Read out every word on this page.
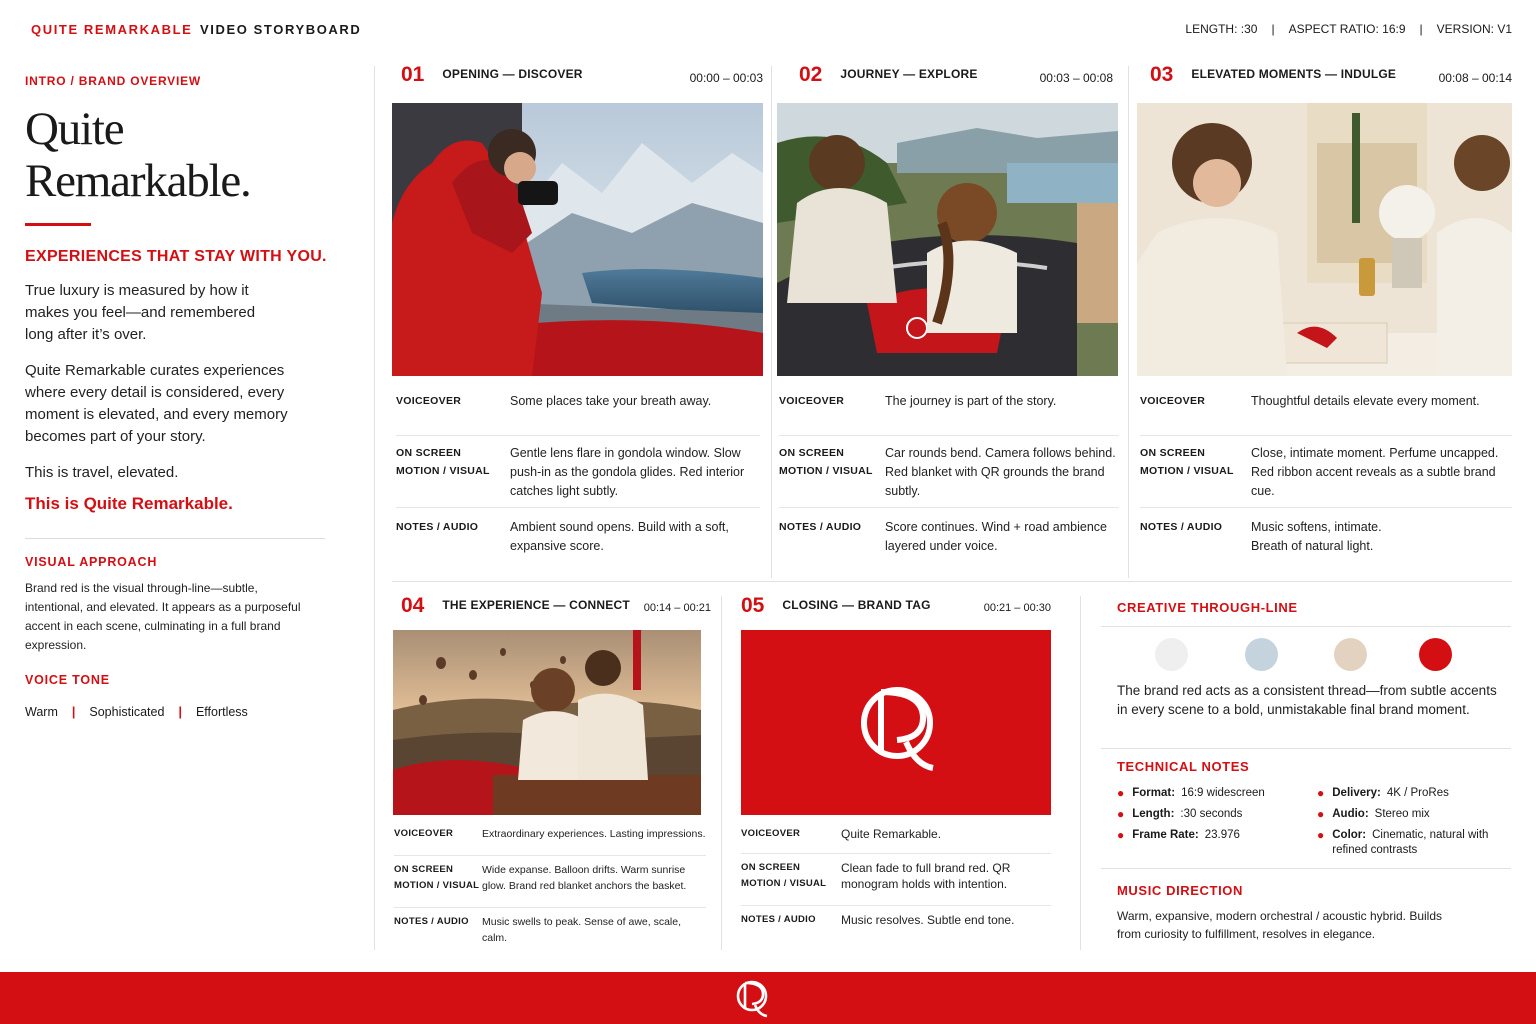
QUITE REMARKABLE VIDEO STORYBOARD	LENGTH: :30 | ASPECT RATIO: 16:9 | VERSION: V1
INTRO / BRAND OVERVIEW
Quite Remarkable.
EXPERIENCES THAT STAY WITH YOU.
True luxury is measured by how it makes you feel—and remembered long after it’s over.
Quite Remarkable curates experiences where every detail is considered, every moment is elevated, and every memory becomes part of your story.
This is travel, elevated.
This is Quite Remarkable.
VISUAL APPROACH
Brand red is the visual through-line—subtle, intentional, and elevated. It appears as a purposeful accent in each scene, culminating in a full brand expression.
VOICE TONE
Warm | Sophisticated | Effortless
01 OPENING — DISCOVER	00:00 – 00:03
VOICEOVER	Some places take your breath away.
ON SCREEN
MOTION / VISUAL
Gentle lens flare in gondola window. Slow push-in as the gondola glides. Red interior catches light subtly.
NOTES / AUDIO	Ambient sound opens. Build with a soft, expansive score.
02 JOURNEY — EXPLORE	00:03 – 00:08
VOICEOVER	The journey is part of the story.
ON SCREEN
MOTION / VISUAL
Car rounds bend. Camera follows behind. Red blanket with QR grounds the brand subtly.
NOTES / AUDIO	Score continues. Wind + road ambience layered under voice.
03 ELEVATED MOMENTS — INDULGE	00:08 – 00:14
VOICEOVER	Thoughtful details elevate every moment.
ON SCREEN
MOTION / VISUAL
Close, intimate moment. Perfume uncapped. Red ribbon accent reveals as a subtle brand cue.
NOTES / AUDIO	Music softens, intimate. Breath of natural light.
04 THE EXPERIENCE — CONNECT 00:14 – 00:21
VOICEOVER	Extraordinary experiences. Lasting impressions.
ON SCREEN
MOTION / VISUAL
Wide expanse. Balloon drifts. Warm sunrise glow. Brand red blanket anchors the basket.
NOTES / AUDIO	Music swells to peak. Sense of awe, scale, calm.
05 CLOSING — BRAND TAG	00:21 – 00:30
VOICEOVER	Quite Remarkable.
ON SCREEN
MOTION / VISUAL
Clean fade to full brand red. QR monogram holds with intention.
NOTES / AUDIO	Music resolves. Subtle end tone.
CREATIVE THROUGH-LINE
The brand red acts as a consistent thread—from subtle accents in every scene to a bold, unmistakable final brand moment.
TECHNICAL NOTES
● Format: 16:9 widescreen	● Delivery: 4K / ProRes
● Length: :30 seconds	● Audio: Stereo mix
● Frame Rate: 23.976	● Color: Cinematic, natural with refined contrasts
MUSIC DIRECTION
Warm, expansive, modern orchestral / acoustic hybrid. Builds from curiosity to fulfillment, resolves in elegance.
